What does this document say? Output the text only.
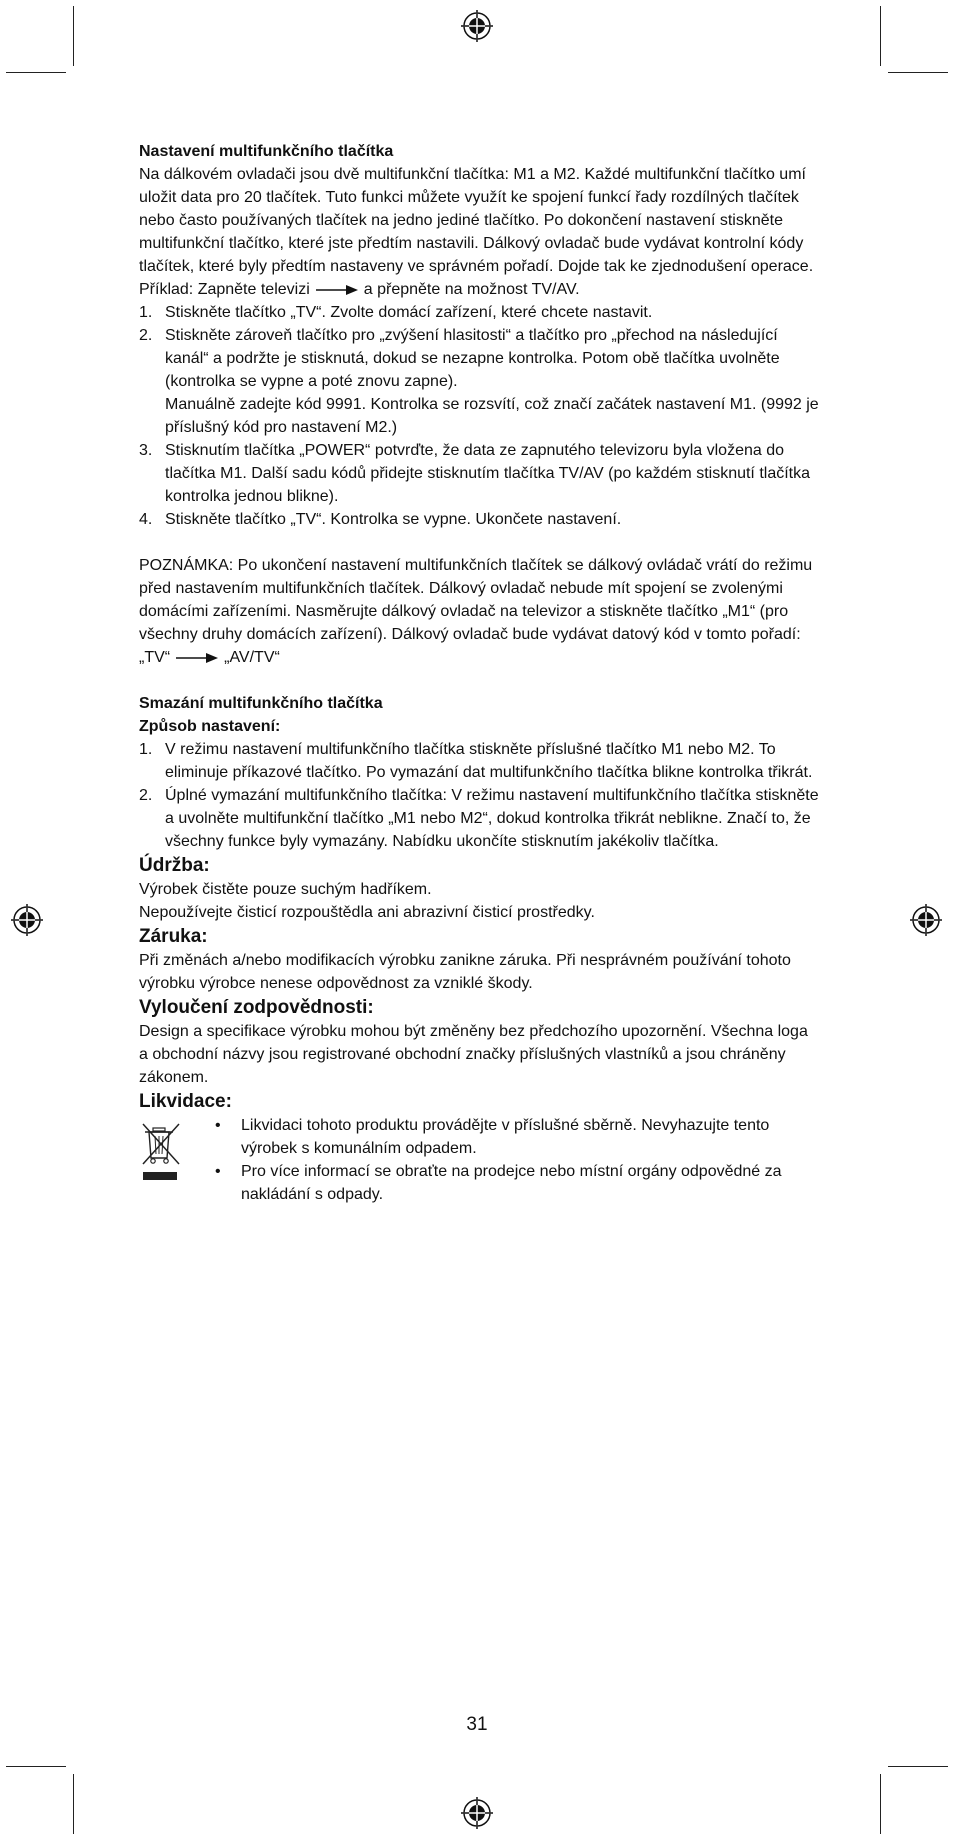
Nastavení multifunkčního tlačítka

Na dálkovém ovladači jsou dvě multifunkční tlačítka: M1 a M2. Každé multifunkční tlačítko umí uložit data pro 20 tlačítek. Tuto funkci můžete využít ke spojení funkcí řady rozdílných tlačítek nebo často používaných tlačítek na jedno jediné tlačítko. Po dokončení nastavení stiskněte multifunkční tlačítko, které jste předtím nastavili. Dálkový ovladač bude vydávat kontrolní kódy tlačítek, které byly předtím nastaveny ve správném pořadí. Dojde tak ke zjednodušení operace.

Příklad: Zapněte televizi	a přepněte na možnost TV/AV.

1. Stiskněte tlačítko „TV“. Zvolte domácí zařízení, které chcete nastavit.
2. Stiskněte zároveň tlačítko pro „zvýšení hlasitosti“ a tlačítko pro „přechod na následující kanál“ a podržte je stisknutá, dokud se nezapne kontrolka. Potom obě tlačítka uvolněte (kontrolka se vypne a poté znovu zapne).
Manuálně zadejte kód 9991. Kontrolka se rozsvítí, což značí začátek nastavení M1. (9992 je příslušný kód pro nastavení M2.)
3. Stisknutím tlačítka „POWER“ potvrďte, že data ze zapnutého televizoru byla vložena do tlačítka M1. Další sadu kódů přidejte stisknutím tlačítka TV/AV (po každém stisknutí tlačítka kontrolka jednou blikne).
4. Stiskněte tlačítko „TV“. Kontrolka se vypne. Ukončete nastavení.

POZNÁMKA: Po ukončení nastavení multifunkčních tlačítek se dálkový ovládač vrátí do režimu před nastavením multifunkčních tlačítek. Dálkový ovladač nebude mít spojení se zvolenými domácími zařízeními. Nasměrujte dálkový ovladač na televizor a stiskněte tlačítko „M1“ (pro všechny druhy domácích zařízení). Dálkový ovladač bude vydávat datový kód v tomto pořadí:

„TV“	„AV/TV“

Smazání multifunkčního tlačítka

Způsob nastavení:

1. V režimu nastavení multifunkčního tlačítka stiskněte příslušné tlačítko M1 nebo M2. To eliminuje příkazové tlačítko. Po vymazání dat multifunkčního tlačítka blikne kontrolka třikrát.
2. Úplné vymazání multifunkčního tlačítka: V režimu nastavení multifunkčního tlačítka stiskněte a uvolněte multifunkční tlačítko „M1 nebo M2“, dokud kontrolka třikrát neblikne. Značí to, že všechny funkce byly vymazány. Nabídku ukončíte stisknutím jakékoliv tlačítka.

Údržba:

Výrobek čistěte pouze suchým hadříkem.

Nepoužívejte čisticí rozpouštědla ani abrazivní čisticí prostředky.

Záruka:

Při změnách a/nebo modifikacích výrobku zanikne záruka. Při nesprávném používání tohoto výrobku výrobce nenese odpovědnost za vzniklé škody.

Vyloučení zodpovědnosti:

Design a specifikace výrobku mohou být změněny bez předchozího upozornění. Všechna loga a obchodní názvy jsou registrované obchodní značky příslušných vlastníků a jsou chráněny zákonem.

Likvidace:

• Likvidaci tohoto produktu provádějte v příslušné sběrně. Nevyhazujte tento výrobek s komunálním odpadem.
• Pro více informací se obraťte na prodejce nebo místní orgány odpovědné za nakládání s odpady.
31
